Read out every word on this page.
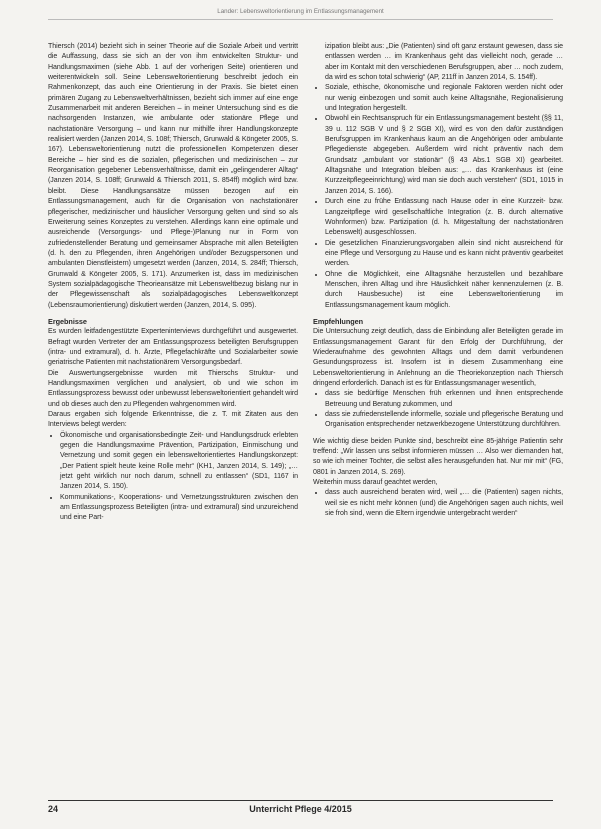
Lander: Lebensweltorientierung im Entlassungsmanagement

Thiersch (2014) bezieht sich in seiner Theorie auf die Soziale Arbeit und vertritt die Auffassung, dass sie sich an der von ihm entwickelten Struktur- und Handlungsmaximen (siehe Abb. 1 auf der vorherigen Seite) orientieren und weiterentwickeln soll. Seine Lebensweltorientierung beschreibt jedoch ein Rahmenkonzept, das auch eine Orientierung in der Praxis. Sie bietet einen primären Zugang zu Lebensweltverhältnissen, bezieht sich immer auf eine enge Zusammenarbeit mit anderen Bereichen – in meiner Untersuchung sind es die nachsorgenden Instanzen, wie ambulante oder stationäre Pflege und nachstationäre Versorgung – und kann nur mithilfe ihrer Handlungskonzepte realisiert werden (Janzen 2014, S. 108f; Thiersch, Grunwald & Köngeter 2005, S. 167). Lebensweltorientierung nutzt die professionellen Kompetenzen dieser Bereiche – hier sind es die sozialen, pflegerischen und medizinischen – zur Reorganisation gegebener Lebensverhältnisse, damit ein „gelingenderer Alltag“ (Janzen 2014, S. 108ff; Grunwald & Thiersch 2011, S. 854ff) möglich wird bzw. bleibt. Diese Handlungsansätze müssen bezogen auf ein Entlassungsmanagement, auch für die Organisation von nachstationärer pflegerischer, medizinischer und häuslicher Versorgung gelten und sind so als Erweiterung seines Konzeptes zu verstehen. Allerdings kann eine optimale und ausreichende (Versorgungs- und Pflege-)Planung nur in Form von zufriedenstellender Beratung und gemeinsamer Absprache mit allen Beteiligten (d. h. den zu Pflegenden, ihren Angehörigen und/oder Bezugspersonen und ambulanten Dienstleistern) umgesetzt werden (Janzen, 2014, S. 284ff; Thiersch, Grunwald & Köngeter 2005, S. 171). Anzumerken ist, dass im medizinischen System sozialpädagogische Theorieansätze mit Lebensweltbezug bislang nur in der Pflegewissenschaft als sozialpädagogisches Lebensweltkonzept (Lebensraumorientierung) diskutiert werden (Janzen, 2014, S. 095).

Ergebnisse

Es wurden leitfadengestützte Experteninterviews durchgeführt und ausgewertet. Befragt wurden Vertreter der am Entlassungsprozess beteiligten Berufsgruppen (intra- und extramural), d. h. Ärzte, Pflegefachkräfte und Sozialarbeiter sowie geriatrische Patienten mit nachstationärem Versorgungsbedarf.

Die Auswertungsergebnisse wurden mit Thierschs Struktur- und Handlungsmaximen verglichen und analysiert, ob und wie schon im Entlassungsprozess bewusst oder unbewusst lebensweltorientiert gehandelt wird und ob dieses auch den zu Pflegenden wahrgenommen wird.

Daraus ergaben sich folgende Erkenntnisse, die z. T. mit Zitaten aus den Interviews belegt werden:

• Ökonomische und organisationsbedingte Zeit- und Handlungsdruck erlebten gegen die Handlungsmaxime Prävention, Partizipation, Einmischung und Vernetzung und somit gegen ein lebensweltorientiertes Handlungskonzept: „Der Patient spielt heute keine Rolle mehr“ (KH1, Janzen 2014, S. 149); „… jetzt geht wirklich nur noch darum, schnell zu entlassen“ (SD1, 1167 in Janzen 2014, S. 150).
• Kommunikations-, Kooperations- und Vernetzungsstrukturen zwischen den am Entlassungsprozess Beteiligten (intra- und extramural) sind unzureichend und eine Part-

izipation bleibt aus: „Die (Patienten) sind oft ganz erstaunt gewesen, dass sie entlassen werden … im Krankenhaus geht das vielleicht noch, gerade … aber im Kontakt mit den verschiedenen Berufsgruppen, aber … noch zudem, da wird es schon total schwierig“ (AP, 211ff in Janzen 2014, S. 154ff).

• Soziale, ethische, ökonomische und regionale Faktoren werden nicht oder nur wenig einbezogen und somit auch keine Alltagsnähe, Regionalisierung und Integration hergestellt.
• Obwohl ein Rechtsanspruch für ein Entlassungsmanagement besteht (§§ 11, 39 u. 112 SGB V und § 2 SGB XI), wird es von den dafür zuständigen Berufsgruppen im Krankenhaus kaum an die Angehörigen oder ambulante Pflegedienste abgegeben. Außerdem wird nicht präventiv nach dem Grundsatz „ambulant vor stationär“ (§ 43 Abs.1 SGB XI) gearbeitet. Alltagsnähe und Integration bleiben aus: „… das Krankenhaus ist (eine Kurzzeitpflegeeinrichtung) wird man sie doch auch verstehen“ (SD1, 1015 in Janzen 2014, S. 166).
• Durch eine zu frühe Entlassung nach Hause oder in eine Kurzzeit- bzw. Langzeitpflege wird gesellschaftliche Integration (z. B. durch alternative Wohnformen) bzw. Partizipation (d. h. Mitgestaltung der nachstationären Lebenswelt) ausgeschlossen.
• Die gesetzlichen Finanzierungsvorgaben allein sind nicht ausreichend für eine Pflege und Versorgung zu Hause und es kann nicht präventiv gearbeitet werden.
• Ohne die Möglichkeit, eine Alltagsnähe herzustellen und bezahlbare Menschen, ihren Alltag und ihre Häuslichkeit näher kennenzulernen (z. B. durch Hausbesuche) ist eine Lebensweltorientierung im Entlassungsmanagement kaum möglich.
Empfehlungen

Die Untersuchung zeigt deutlich, dass die Einbindung aller Beteiligten gerade im Entlassungsmanagement Garant für den Erfolg der Durchführung, der Wiederaufnahme des gewohnten Alltags und dem damit verbundenen Gesundungsprozess ist. Insofern ist in diesem Zusammenhang eine Lebensweltorientierung in Anlehnung an die Theoriekonzeption nach Thiersch dringend erforderlich. Danach ist es für Entlassungsmanager wesentlich,

• dass sie bedürftige Menschen früh erkennen und ihnen entsprechende Betreuung und Beratung zukommen, und
• dass sie zufriedenstellende informelle, soziale und pflegerische Beratung und Organisation entsprechender netzwerkbezogene Unterstützung durchführen.

Wie wichtig diese beiden Punkte sind, beschreibt eine 85-jährige Patientin sehr treffend: „Wir lassen uns selbst informieren müssen … Also wer diemanden hat, so wie ich meiner Tochter, die selbst alles herausgefunden hat. Nur mir mit“ (FG, 0801 in Janzen 2014, S. 269).

Weiterhin muss darauf geachtet werden,

• dass auch ausreichend beraten wird, weil „… die (Patienten) sagen nichts, weil sie es nicht mehr können (und) die Angehörigen sagen auch nichts, weil sie froh sind, wenn die Eltern irgendwie untergebracht werden“
24	Unterricht Pflege 4/2015
